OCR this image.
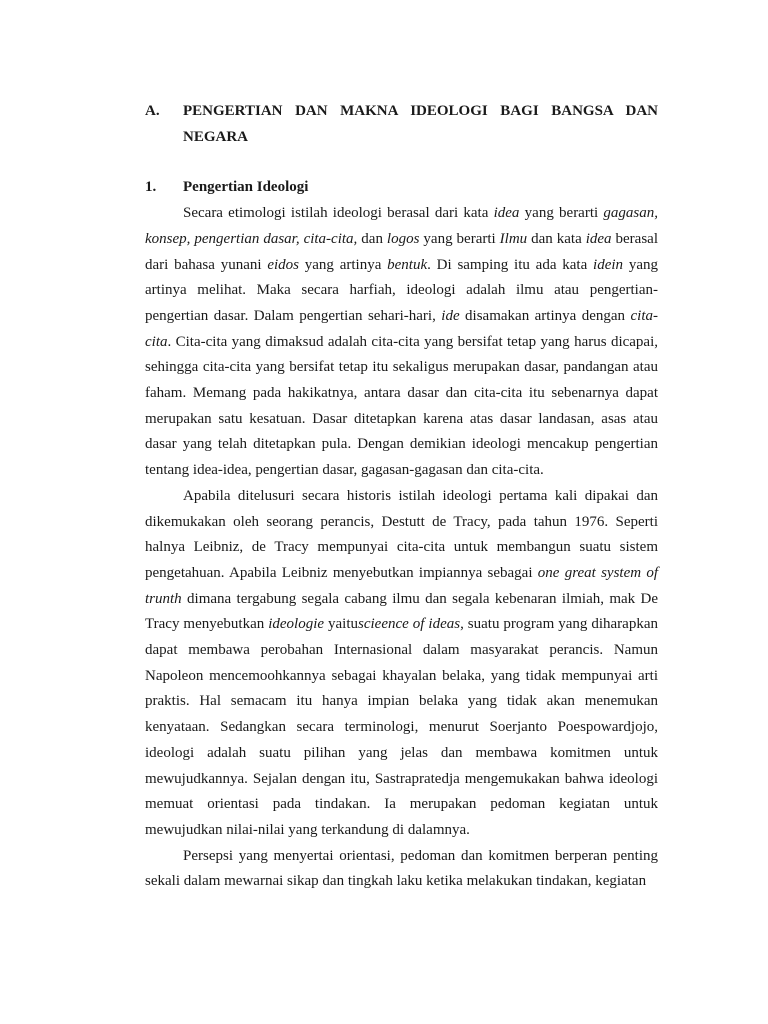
A.	PENGERTIAN DAN MAKNA IDEOLOGI BAGI BANGSA DAN
NEGARA
1.	Pengertian Ideologi

Secara etimologi istilah ideologi berasal dari kata idea yang berarti gagasan, konsep, pengertian dasar, cita-cita, dan logos yang berarti Ilmu dan kata idea berasal dari bahasa yunani eidos yang artinya bentuk. Di samping itu ada kata idein yang artinya melihat. Maka secara harfiah, ideologi adalah ilmu atau pengertian-pengertian dasar. Dalam pengertian sehari-hari, ide disamakan artinya dengan cita-cita. Cita-cita yang dimaksud adalah cita-cita yang bersifat tetap yang harus dicapai, sehingga cita-cita yang bersifat tetap itu sekaligus merupakan dasar, pandangan atau faham. Memang pada hakikatnya, antara dasar dan cita-cita itu sebenarnya dapat merupakan satu kesatuan. Dasar ditetapkan karena atas dasar landasan, asas atau dasar yang telah ditetapkan pula. Dengan demikian ideologi mencakup pengertian tentang idea-idea, pengertian dasar, gagasan-gagasan dan cita-cita.

Apabila ditelusuri secara historis istilah ideologi pertama kali dipakai dan dikemukakan oleh seorang perancis, Destutt de Tracy, pada tahun 1976. Seperti halnya Leibniz, de Tracy mempunyai cita-cita untuk membangun suatu sistem pengetahuan. Apabila Leibniz menyebutkan impiannya sebagai one great system of trunth dimana tergabung segala cabang ilmu dan segala kebenaran ilmiah, mak De Tracy menyebutkan ideologie yaituscieence of ideas, suatu program yang diharapkan dapat membawa perobahan Internasional dalam masyarakat perancis. Namun Napoleon mencemoohkannya sebagai khayalan belaka, yang tidak mempunyai arti praktis. Hal semacam itu hanya impian belaka yang tidak akan menemukan kenyataan. Sedangkan secara terminologi, menurut Soerjanto Poespowardjojo, ideologi adalah suatu pilihan yang jelas dan membawa komitmen untuk mewujudkannya. Sejalan dengan itu, Sastrapratedja mengemukakan bahwa ideologi memuat orientasi pada tindakan. Ia merupakan pedoman kegiatan untuk mewujudkan nilai-nilai yang terkandung di dalamnya.

Persepsi yang menyertai orientasi, pedoman dan komitmen berperan penting sekali dalam mewarnai sikap dan tingkah laku ketika melakukan tindakan, kegiatan
